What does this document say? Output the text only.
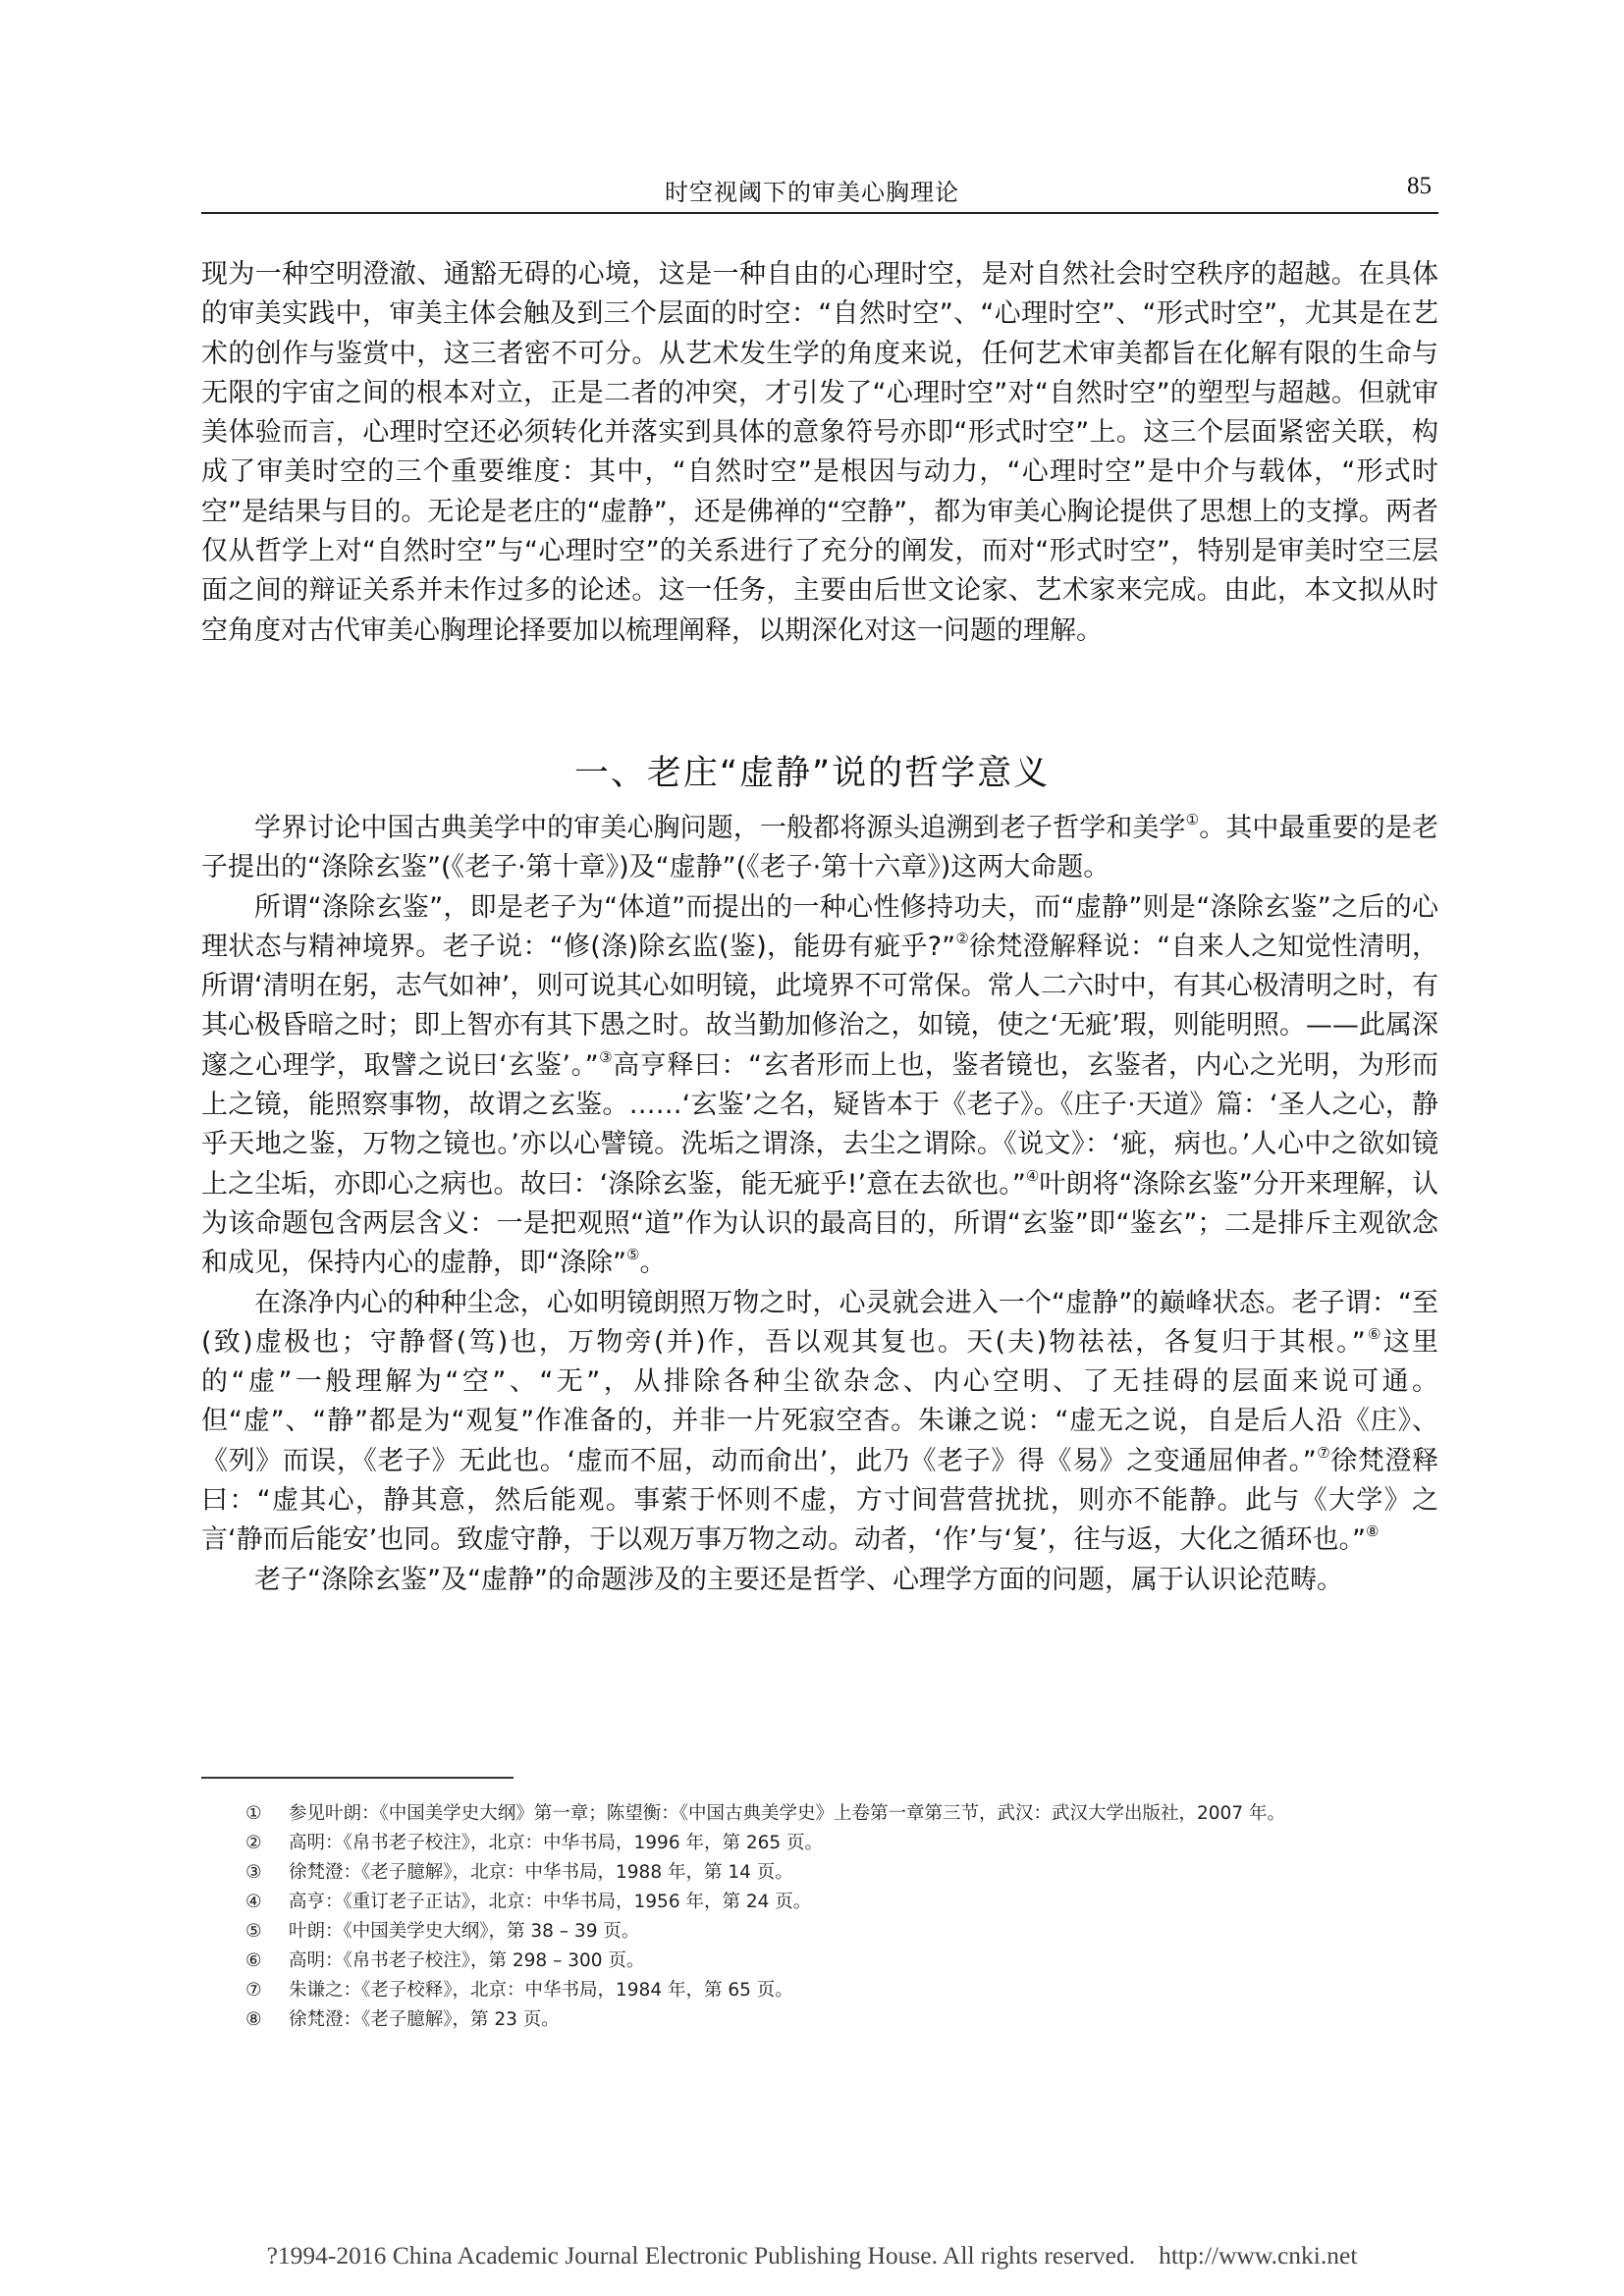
时空视阈下的审美心胸理论	85

现为一种空明澄澈、通豁无碍的心境，这是一种自由的心理时空，是对自然社会时空秩序的超越。在具体的审美实践中，审美主体会触及到三个层面的时空：“自然时空”、“心理时空”、“形式时空”，尤其是在艺术的创作与鉴赏中，这三者密不可分。从艺术发生学的角度来说，任何艺术审美都旨在化解有限的生命与无限的宇宙之间的根本对立，正是二者的冲突，才引发了“心理时空”对“自然时空”的塑型与超越。但就审美体验而言，心理时空还必须转化并落实到具体的意象符号亦即“形式时空”上。这三个层面紧密关联，构成了审美时空的三个重要维度：其中，“自然时空”是根因与动力，“心理时空”是中介与载体，“形式时空”是结果与目的。无论是老庄的“虚静”，还是佛禅的“空静”，都为审美心胸论提供了思想上的支撑。两者仅从哲学上对“自然时空”与“心理时空”的关系进行了充分的阐发，而对“形式时空”，特别是审美时空三层面之间的辩证关系并未作过多的论述。这一任务，主要由后世文论家、艺术家来完成。由此，本文拟从时空角度对古代审美心胸理论择要加以梳理阐释，以期深化对这一问题的理解。

一、老庄“虚静”说的哲学意义

学界讨论中国古典美学中的审美心胸问题，一般都将源头追溯到老子哲学和美学①。其中最重要的是老子提出的“涤除玄鉴”(《老子·第十章》)及“虚静”(《老子·第十六章》)这两大命题。

所谓“涤除玄鉴”，即是老子为“体道”而提出的一种心性修持功夫，而“虚静”则是“涤除玄鉴”之后的心理状态与精神境界。老子说：“修(涤)除玄监(鉴)，能毋有疵乎?”②徐梵澄解释说：“自来人之知觉性清明，所谓‘清明在躬，志气如神’，则可说其心如明镜，此境界不可常保。常人二六时中，有其心极清明之时，有其心极昏暗之时；即上智亦有其下愚之时。故当勤加修治之，如镜，使之‘无疵’瑕，则能明照。——此属深邃之心理学，取譬之说曰‘玄鉴’。”③高亨释曰：“玄者形而上也，鉴者镜也，玄鉴者，内心之光明，为形而上之镜，能照察事物，故谓之玄鉴。……‘玄鉴’之名，疑皆本于《老子》。《庄子·天道》篇：‘圣人之心，静乎天地之鉴，万物之镜也。’亦以心譬镜。洗垢之谓涤，去尘之谓除。《说文》：‘疵，病也。’人心中之欲如镜上之尘垢，亦即心之病也。故曰：‘涤除玄鉴，能无疵乎!’意在去欲也。”④叶朗将“涤除玄鉴”分开来理解，认为该命题包含两层含义：一是把观照“道”作为认识的最高目的，所谓“玄鉴”即“鉴玄”；二是排斥主观欲念和成见，保持内心的虚静，即“涤除”⑤。

在涤净内心的种种尘念，心如明镜朗照万物之时，心灵就会进入一个“虚静”的巅峰状态。老子谓：“至(致)虚极也；守静督(笃)也，万物旁(并)作，吾以观其复也。天(夫)物祛祛，各复归于其根。”⑥这里的“虚”一般理解为“空”、“无”，从排除各种尘欲杂念、内心空明、了无挂碍的层面来说可通。但“虚”、“静”都是为“观复”作准备的，并非一片死寂空杳。朱谦之说：“虚无之说，自是后人沿《庄》、《列》而误，《老子》无此也。‘虚而不屈，动而俞出’，此乃《老子》得《易》之变通屈伸者。”⑦徐梵澄释曰：“虚其心，静其意，然后能观。事萦于怀则不虚，方寸间营营扰扰，则亦不能静。此与《大学》之言‘静而后能安’也同。致虚守静，于以观万事万物之动。动者，‘作’与‘复’，往与返，大化之循环也。”⑧

老子“涤除玄鉴”及“虚静”的命题涉及的主要还是哲学、心理学方面的问题，属于认识论范畴。

①	参见叶朗：《中国美学史大纲》第一章；陈望衡：《中国古典美学史》上卷第一章第三节，武汉：武汉大学出版社，2007 年。
②	高明：《帛书老子校注》，北京：中华书局，1996 年，第 265 页。
③	徐梵澄：《老子臆解》，北京：中华书局，1988 年，第 14 页。
④	高亨：《重订老子正诂》，北京：中华书局，1956 年，第 24 页。
⑤	叶朗：《中国美学史大纲》，第 38 – 39 页。
⑥	高明：《帛书老子校注》，第 298 – 300 页。
⑦	朱谦之：《老子校释》，北京：中华书局，1984 年，第 65 页。
⑧	徐梵澄：《老子臆解》，第 23 页。
?1994-2016 China Academic Journal Electronic Publishing House. All rights reserved. http://www.cnki.net
